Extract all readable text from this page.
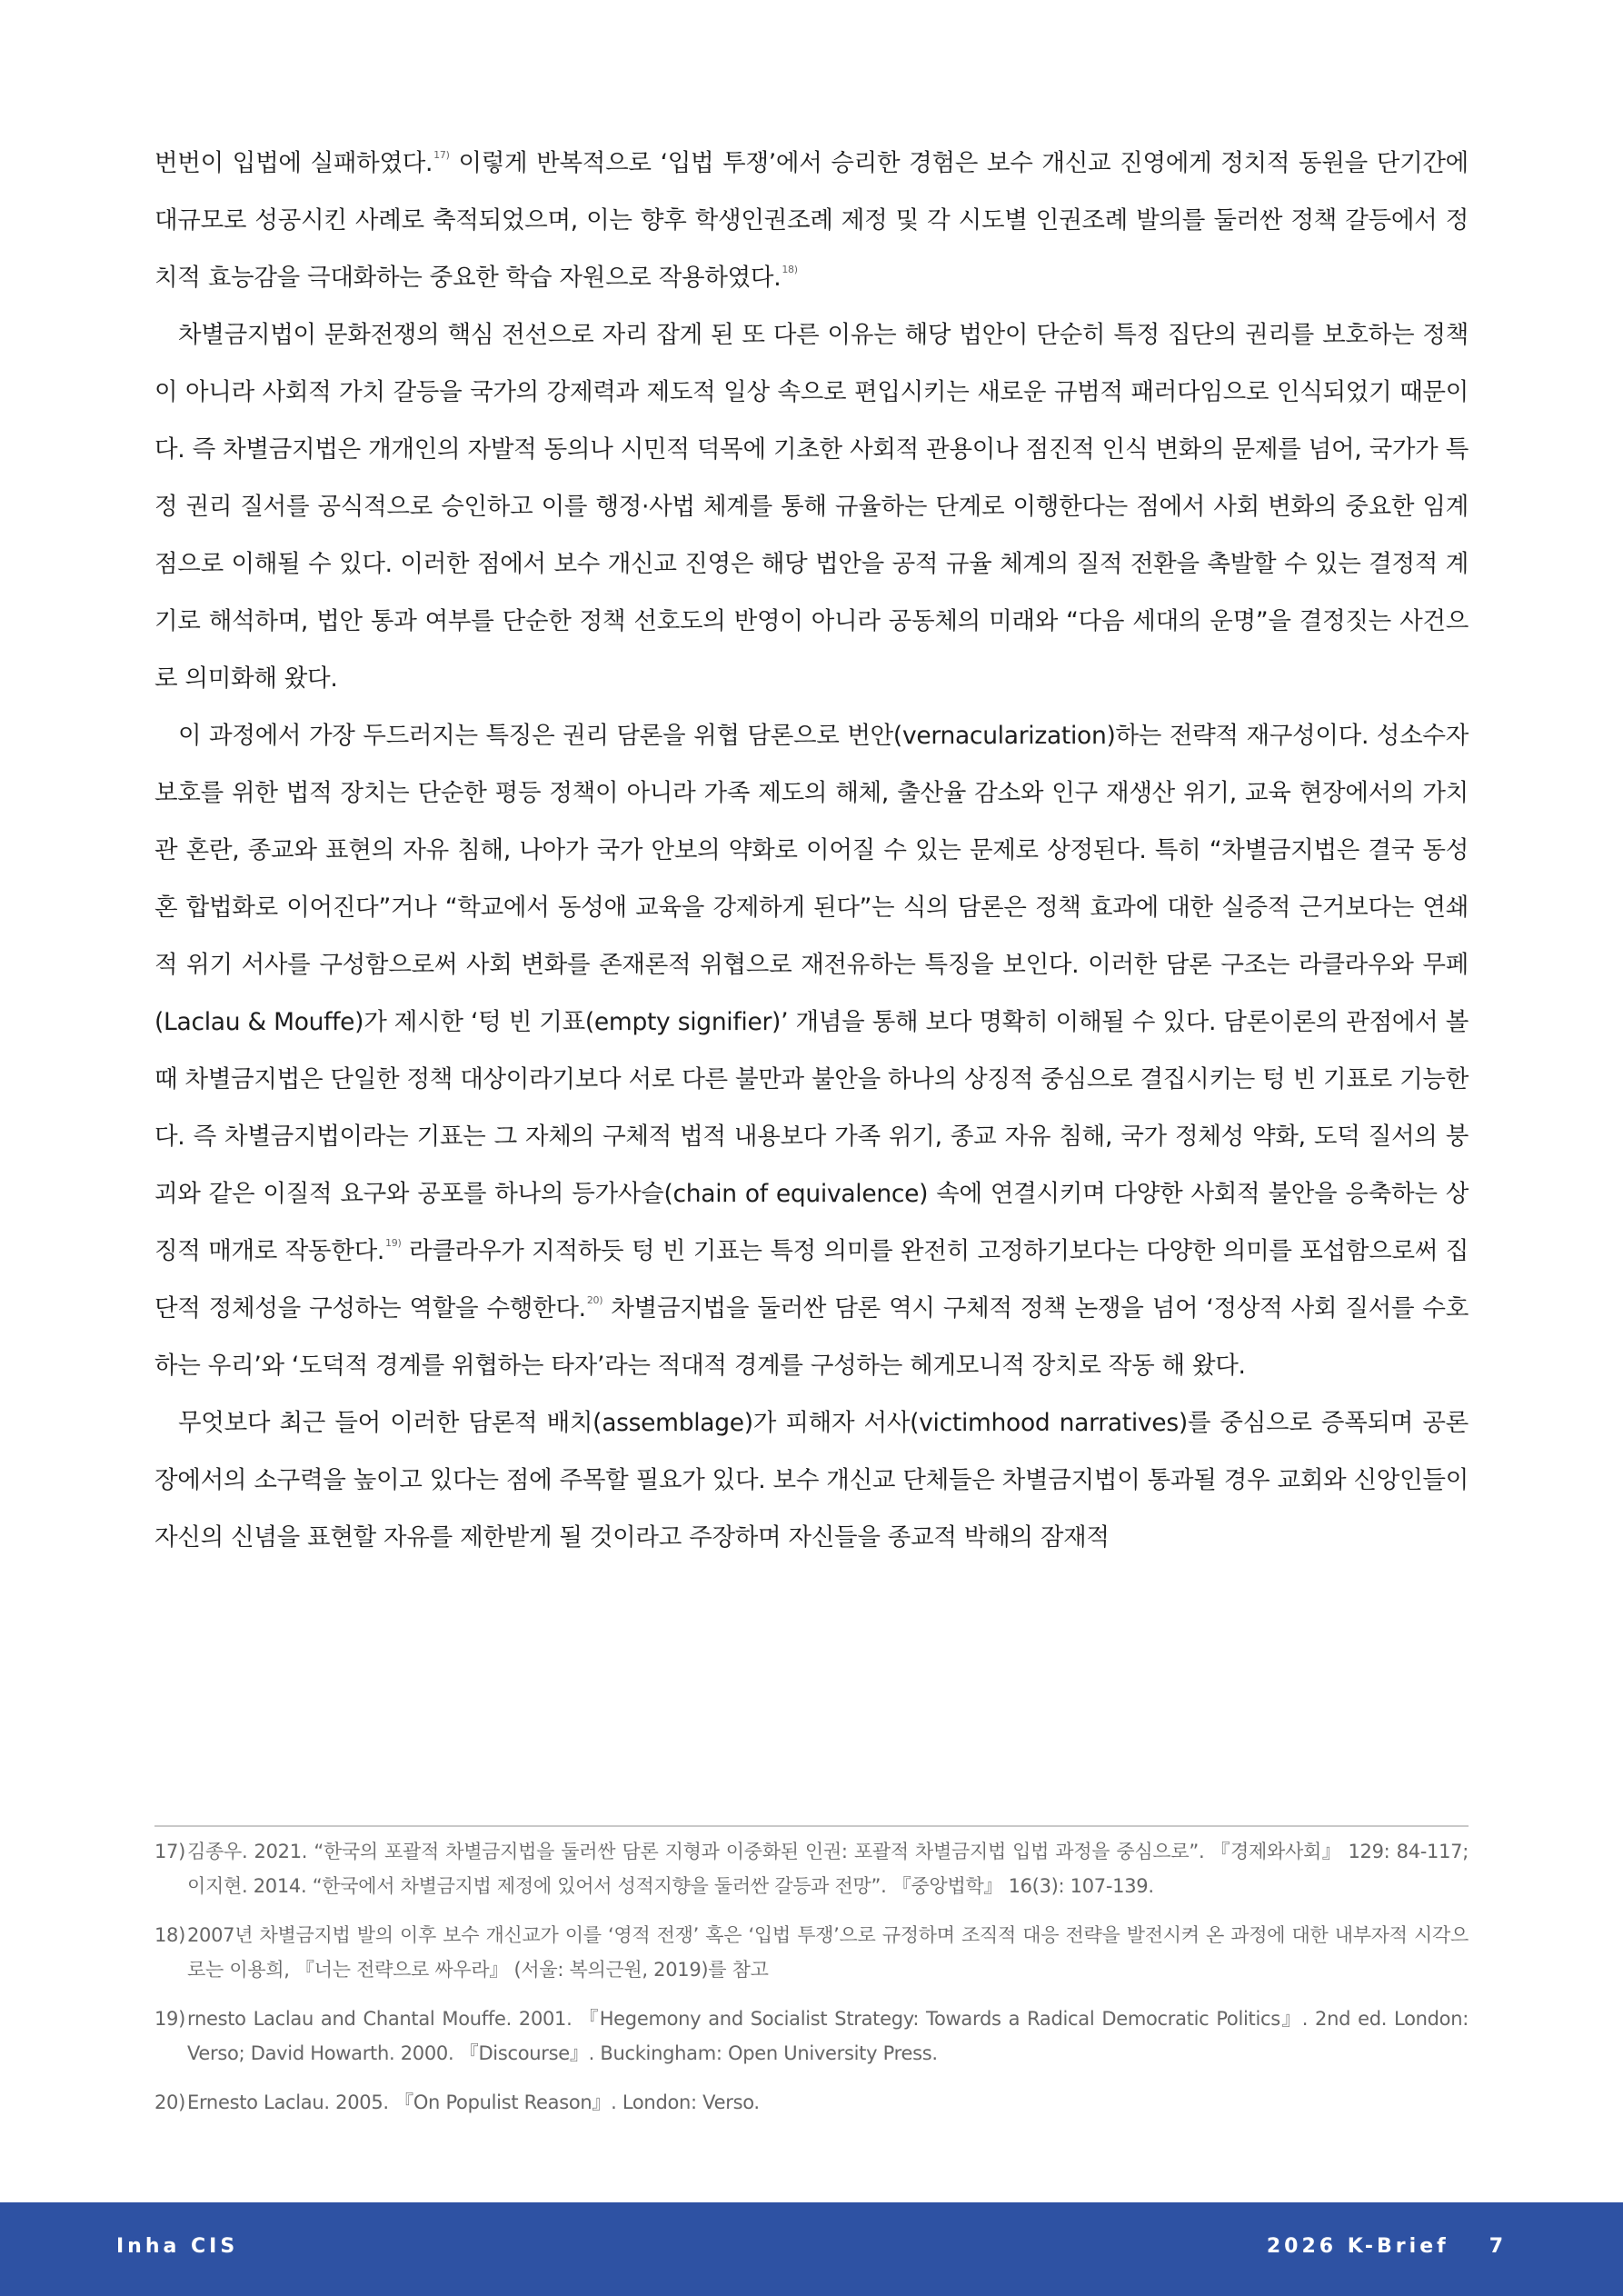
번번이 입법에 실패하였다.$^{17)}$ 이렇게 반복적으로 ‘입법 투쟁’에서 승리한 경험은 보수 개신교 진영에게 정치적 동원을 단기간에 대규모로 성공시킨 사례로 축적되었으며, 이는 향후 학생인권조례 제정 및 각 시도별 인권조례 발의를 둘러싼 정책 갈등에서 정치적 효능감을 극대화하는 중요한 학습 자원으로 작용하였다.$^{18)}$

차별금지법이 문화전쟁의 핵심 전선으로 자리 잡게 된 또 다른 이유는 해당 법안이 단순히 특정 집단의 권리를 보호하는 정책이 아니라 사회적 가치 갈등을 국가의 강제력과 제도적 일상 속으로 편입시키는 새로운 규범적 패러다임으로 인식되었기 때문이다. 즉 차별금지법은 개개인의 자발적 동의나 시민적 덕목에 기초한 사회적 관용이나 점진적 인식 변화의 문제를 넘어, 국가가 특정 권리 질서를 공식적으로 승인하고 이를 행정·사법 체계를 통해 규율하는 단계로 이행한다는 점에서 사회 변화의 중요한 임계점으로 이해될 수 있다. 이러한 점에서 보수 개신교 진영은 해당 법안을 공적 규율 체계의 질적 전환을 촉발할 수 있는 결정적 계기로 해석하며, 법안 통과 여부를 단순한 정책 선호도의 반영이 아니라 공동체의 미래와 “다음 세대의 운명”을 결정짓는 사건으로 의미화해 왔다.

이 과정에서 가장 두드러지는 특징은 권리 담론을 위협 담론으로 번안(vernacularization)하는 전략적 재구성이다. 성소수자 보호를 위한 법적 장치는 단순한 평등 정책이 아니라 가족 제도의 해체, 출산율 감소와 인구 재생산 위기, 교육 현장에서의 가치관 혼란, 종교와 표현의 자유 침해, 나아가 국가 안보의 약화로 이어질 수 있는 문제로 상정된다. 특히 “차별금지법은 결국 동성혼 합법화로 이어진다”거나 “학교에서 동성애 교육을 강제하게 된다”는 식의 담론은 정책 효과에 대한 실증적 근거보다는 연쇄적 위기 서사를 구성함으로써 사회 변화를 존재론적 위협으로 재전유하는 특징을 보인다. 이러한 담론 구조는 라클라우와 무페(Laclau & Mouffe)가 제시한 ‘텅 빈 기표(empty signifier)’ 개념을 통해 보다 명확히 이해될 수 있다. 담론이론의 관점에서 볼 때 차별금지법은 단일한 정책 대상이라기보다 서로 다른 불만과 불안을 하나의 상징적 중심으로 결집시키는 텅 빈 기표로 기능한다. 즉 차별금지법이라는 기표는 그 자체의 구체적 법적 내용보다 가족 위기, 종교 자유 침해, 국가 정체성 약화, 도덕 질서의 붕괴와 같은 이질적 요구와 공포를 하나의 등가사슬(chain of equivalence) 속에 연결시키며 다양한 사회적 불안을 응축하는 상징적 매개로 작동한다.$^{19)}$ 라클라우가 지적하듯 텅 빈 기표는 특정 의미를 완전히 고정하기보다는 다양한 의미를 포섭함으로써 집단적 정체성을 구성하는 역할을 수행한다.$^{20)}$ 차별금지법을 둘러싼 담론 역시 구체적 정책 논쟁을 넘어 ‘정상적 사회 질서를 수호하는 우리’와 ‘도덕적 경계를 위협하는 타자’라는 적대적 경계를 구성하는 헤게모니적 장치로 작동 해 왔다.

무엇보다 최근 들어 이러한 담론적 배치(assemblage)가 피해자 서사(victimhood narratives)를 중심으로 증폭되며 공론장에서의 소구력을 높이고 있다는 점에 주목할 필요가 있다. 보수 개신교 단체들은 차별금지법이 통과될 경우 교회와 신앙인들이 자신의 신념을 표현할 자유를 제한받게 될 것이라고 주장하며 자신들을 종교적 박해의 잠재적

17) 김종우. 2021. “한국의 포괄적 차별금지법을 둘러싼 담론 지형과 이중화된 인권: 포괄적 차별금지법 입법 과정을 중심으로”. 『경제와사회』 129: 84-117; 이지현. 2014. “한국에서 차별금지법 제정에 있어서 성적지향을 둘러싼 갈등과 전망”. 『중앙법학』 16(3): 107-139.
18) 2007년 차별금지법 발의 이후 보수 개신교가 이를 ‘영적 전쟁’ 혹은 ‘입법 투쟁’으로 규정하며 조직적 대응 전략을 발전시켜 온 과정에 대한 내부자적 시각으로는 이용희, 『너는 전략으로 싸우라』 (서울: 복의근원, 2019)를 참고
19) rnesto Laclau and Chantal Mouffe. 2001. 『Hegemony and Socialist Strategy: Towards a Radical Democratic Politics』. 2nd ed. London: Verso; David Howarth. 2000. 『Discourse』. Buckingham: Open University Press.
20) Ernesto Laclau. 2005. 『On Populist Reason』. London: Verso.
Inha CIS	2026 K-Brief 7
